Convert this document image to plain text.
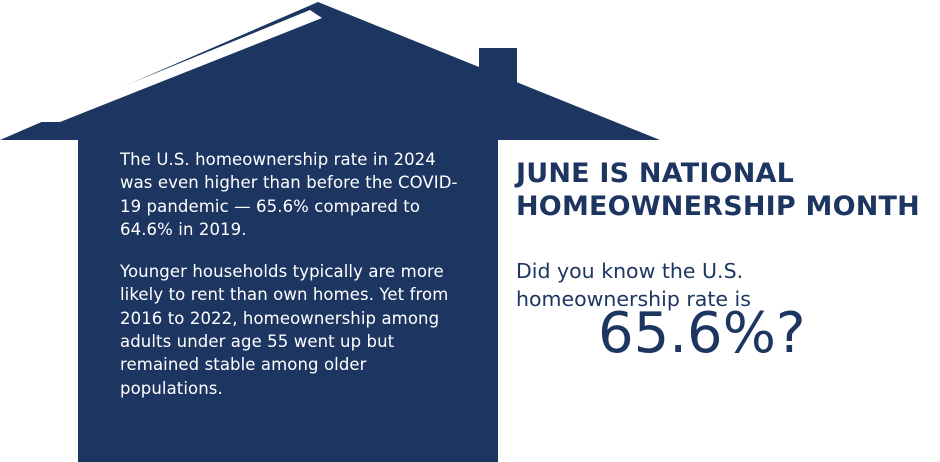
The U.S. homeownership rate in 2024 was even higher than before the COVID-19 pandemic — 65.6% compared to 64.6% in 2019.

Younger households typically are more likely to rent than own homes. Yet from 2016 to 2022, homeownership among adults under age 55 went up but remained stable among older populations.

JUNE IS NATIONAL HOMEOWNERSHIP MONTH

Did you know the U.S. homeownership rate is

65.6%?
